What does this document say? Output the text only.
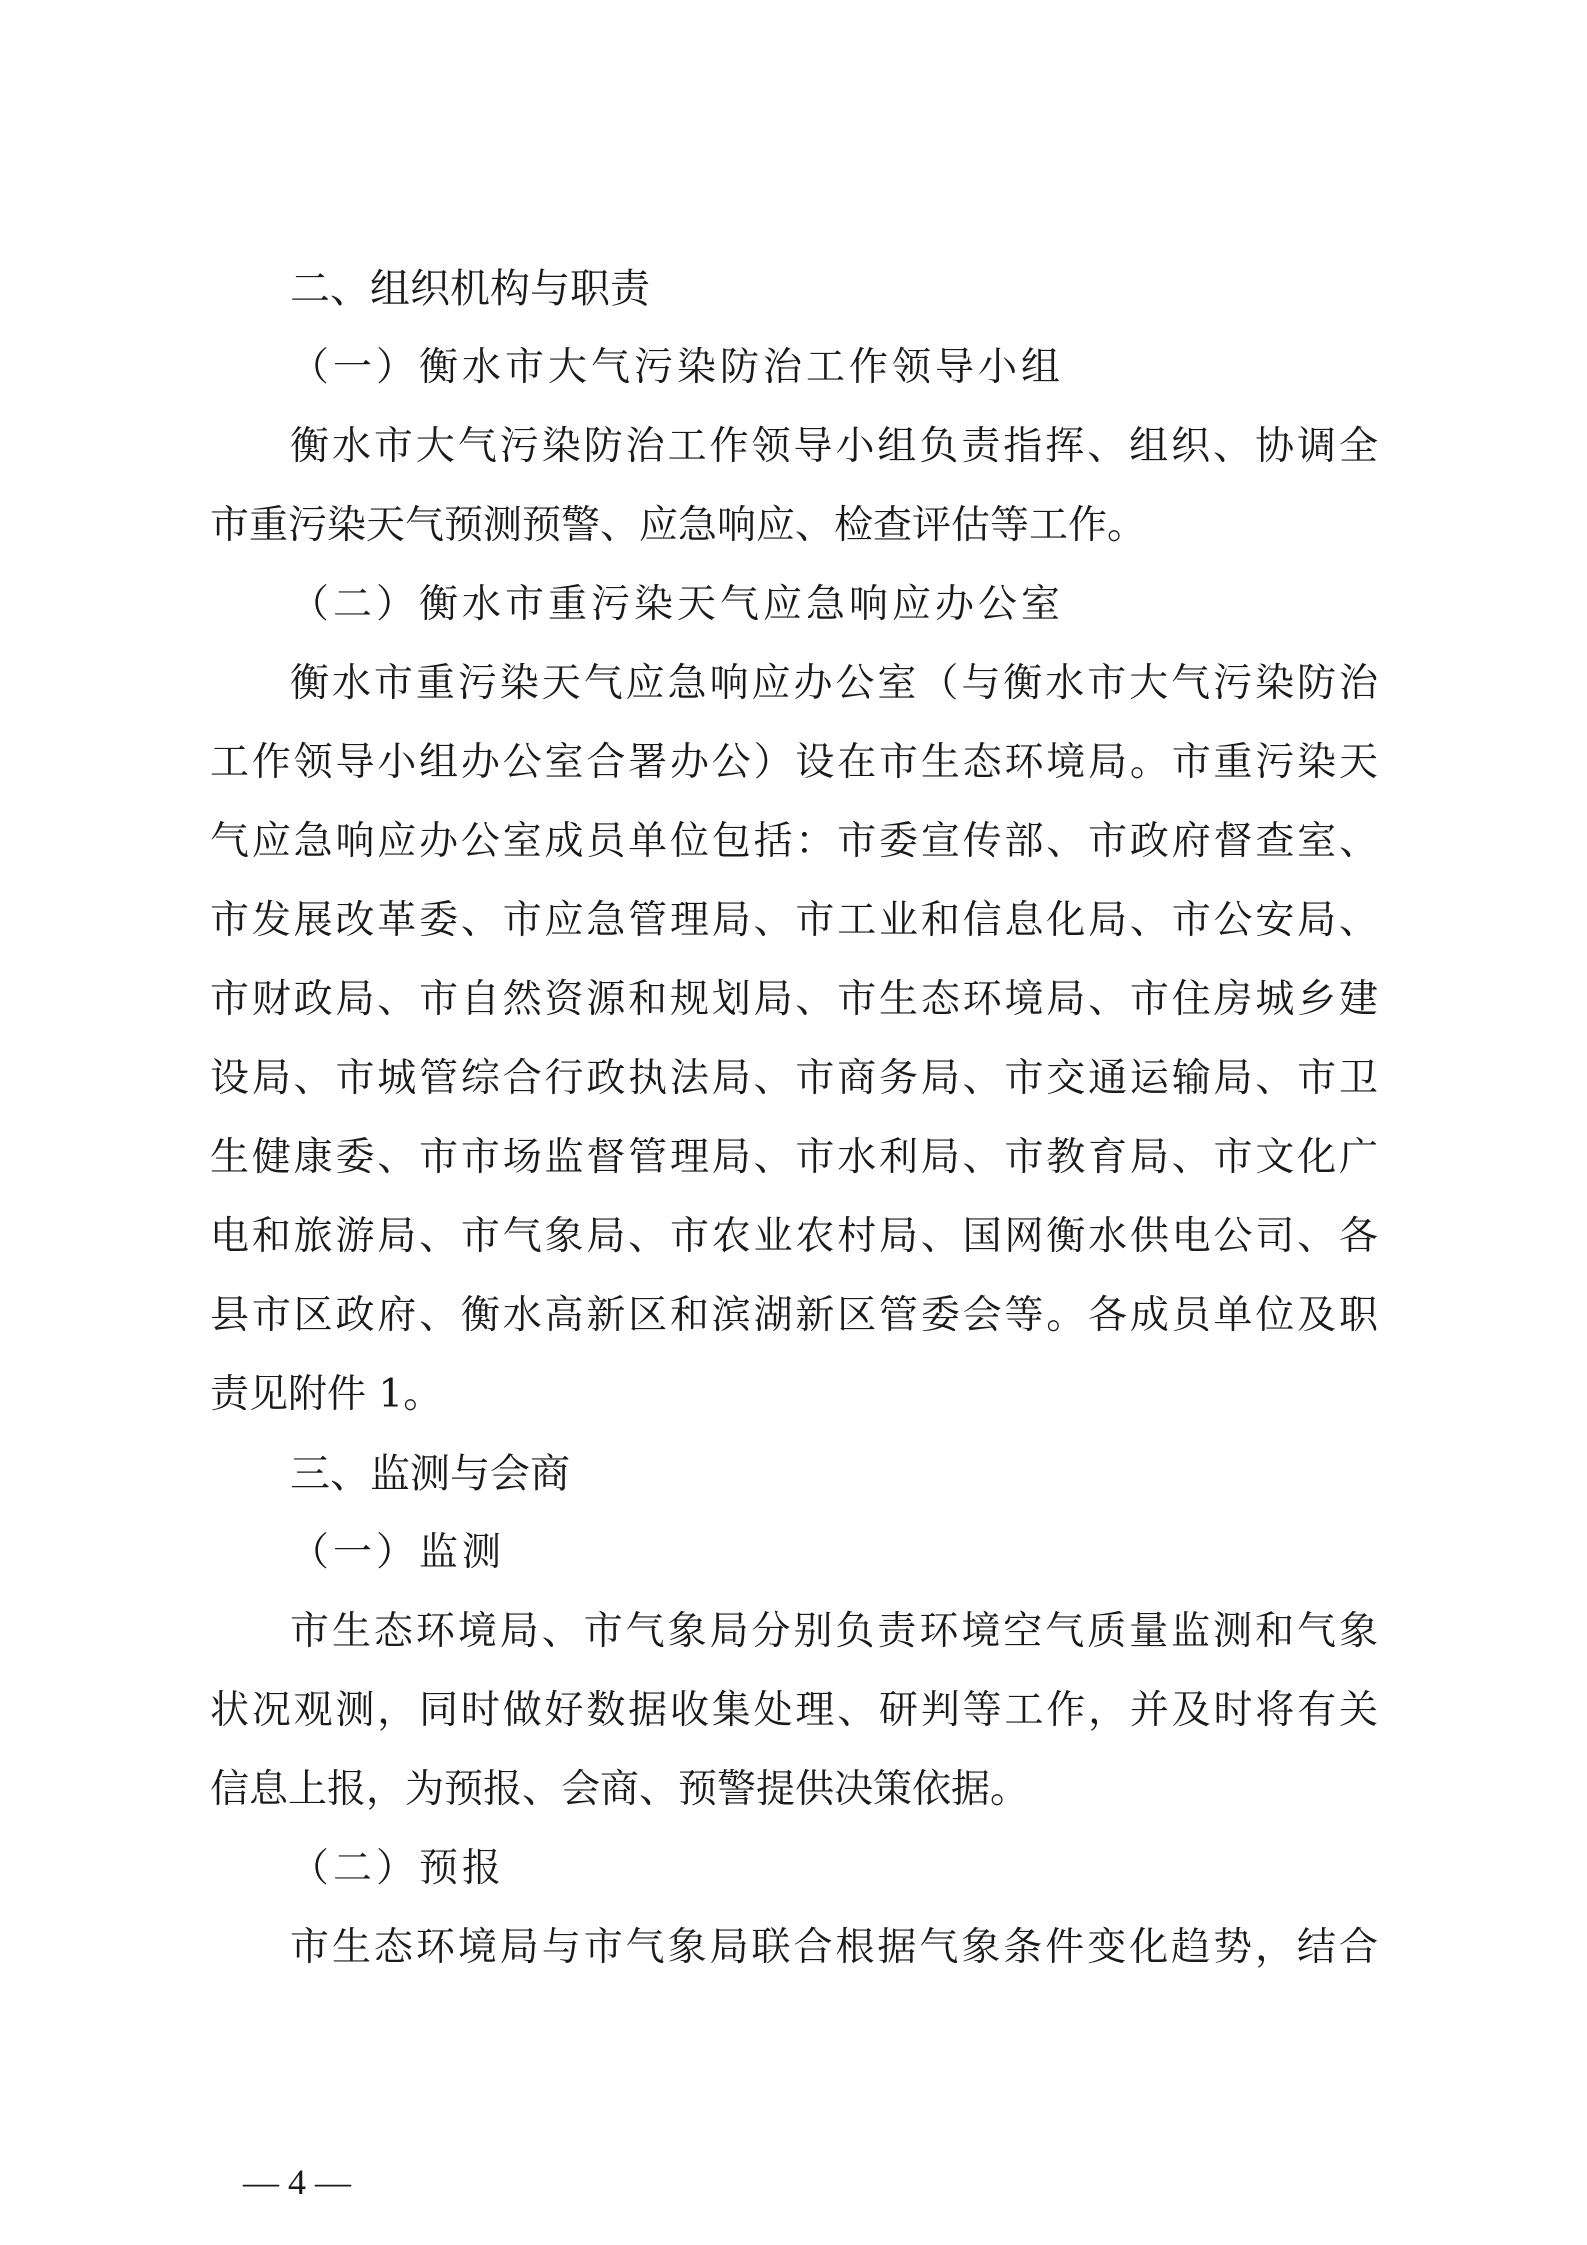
二、组织机构与职责
（一）衡水市大气污染防治工作领导小组
衡水市大气污染防治工作领导小组负责指挥、组织、协调全
市重污染天气预测预警、应急响应、检查评估等工作。
（二）衡水市重污染天气应急响应办公室
衡水市重污染天气应急响应办公室（与衡水市大气污染防治
工作领导小组办公室合署办公）设在市生态环境局。市重污染天
气应急响应办公室成员单位包括：市委宣传部、市政府督查室、
市发展改革委、市应急管理局、市工业和信息化局、市公安局、
市财政局、市自然资源和规划局、市生态环境局、市住房城乡建
设局、市城管综合行政执法局、市商务局、市交通运输局、市卫
生健康委、市市场监督管理局、市水利局、市教育局、市文化广
电和旅游局、市气象局、市农业农村局、国网衡水供电公司、各
县市区政府、衡水高新区和滨湖新区管委会等。各成员单位及职
责见附件 1。
三、监测与会商
（一）监测
市生态环境局、市气象局分别负责环境空气质量监测和气象
状况观测，同时做好数据收集处理、研判等工作，并及时将有关
信息上报，为预报、会商、预警提供决策依据。
（二）预报
市生态环境局与市气象局联合根据气象条件变化趋势，结合
— 4 —
